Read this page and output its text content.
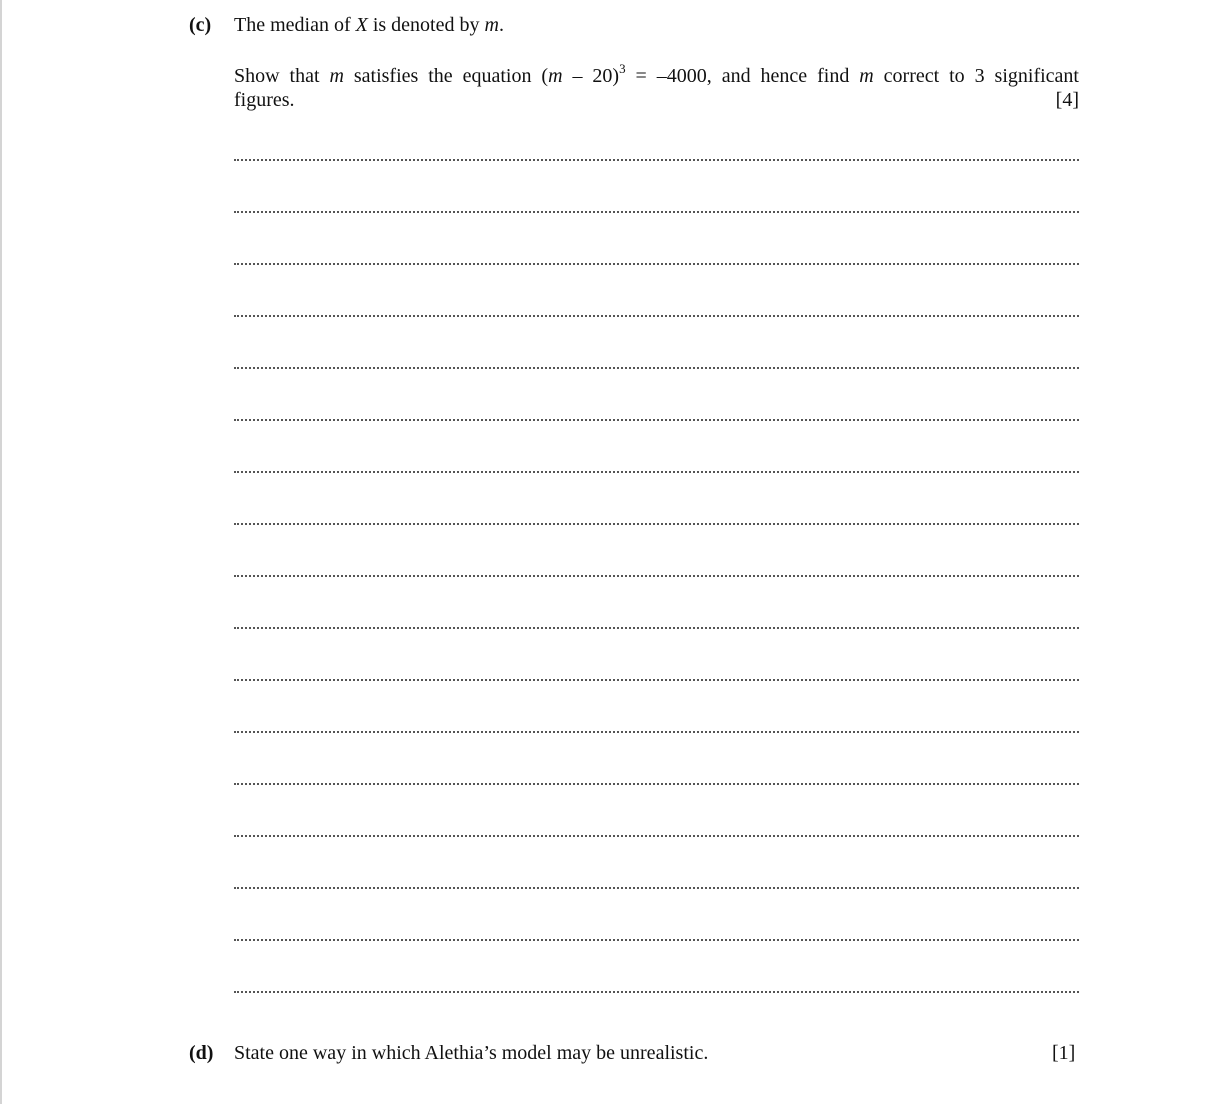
(c) The median of X is denoted by m.
Show that m satisfies the equation (m – 20)$^3$ = –4000, and hence find m correct to 3 significant
figures.	[4]
(d) State one way in which Alethia’s model may be unrealistic.	[1]
